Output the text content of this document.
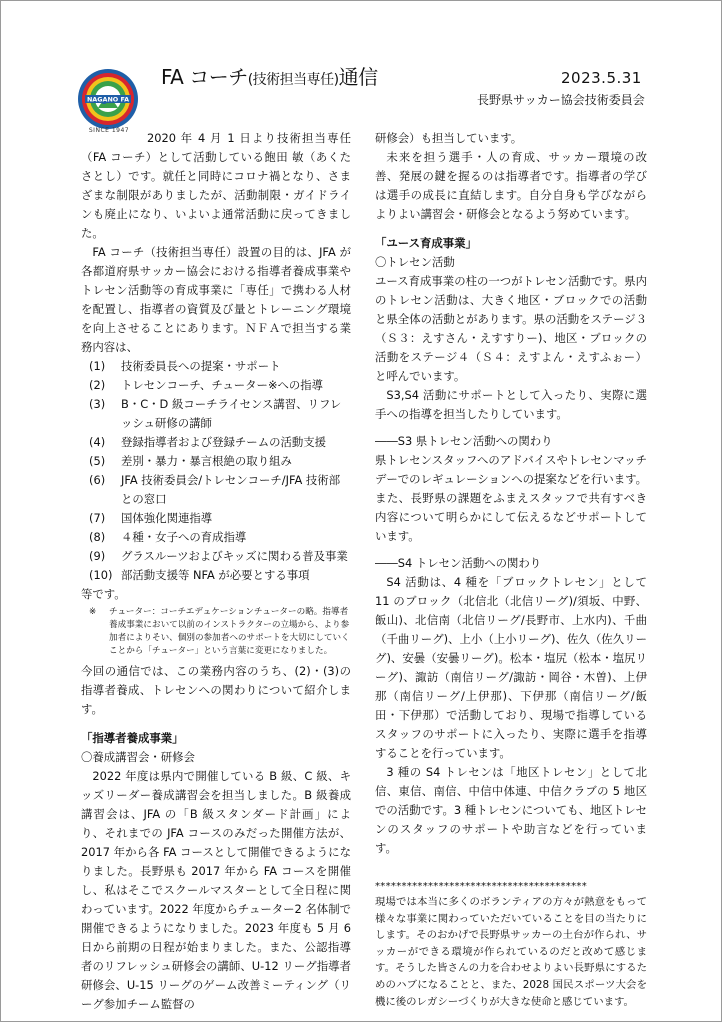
NAGANO FA
SINCE 1947
FA コーチ(技術担当専任)通信	2023.5.31
長野県サッカー協会技術委員会

2020 年 4 月 1 日より技術担当専任（FA コーチ）として活動している飽田 敏（あくた さとし）です。就任と同時にコロナ禍となり、さまざまな制限がありましたが、活動制限・ガイドラインも廃止になり、いよいよ通常活動に戻ってきました。

FA コーチ（技術担当専任）設置の目的は、JFA が各都道府県サッカー協会における指導者養成事業やトレセン活動等の育成事業に「専任」で携わる人材を配置し、指導者の資質及び量とトレーニング環境を向上させることにあります。ＮＦＡで担当する業務内容は、

(1)	技術委員長への提案・サポート
(2)	トレセンコーチ、チューター※への指導
(3)	B・C・D 級コーチライセンス講習、リフレッシュ研修の講師
(4)	登録指導者および登録チームの活動支援
(5)	差別・暴力・暴言根絶の取り組み
(6)	JFA 技術委員会/トレセンコーチ/JFA 技術部との窓口
(7)	国体強化関連指導
(8)	４種・女子への育成指導
(9)	グラスルーツおよびキッズに関わる普及事業
(10) 部活動支援等 NFA が必要とする事項

等です。

※	チューター：コーチエデュケーションチューターの略。指導者養成事業において以前のインストラクターの立場から、より参加者によりそい、個別の参加者へのサポートを大切にしていくことから「チューター」という言葉に変更になりました。

今回の通信では、この業務内容のうち、(2)・(3)の指導者養成、トレセンへの関わりについて紹介します。

「指導者養成事業」

〇養成講習会・研修会

2022 年度は県内で開催している B 級、C 級、キッズリーダー養成講習会を担当しました。B 級養成講習会は、JFA の「B 級スタンダード計画」により、それまでの JFA コースのみだった開催方法が、2017 年から各 FA コースとして開催できるようになりました。長野県も 2017 年から FA コースを開催し、私はそこでスクールマスターとして全日程に関わっています。2022 年度からチューター2 名体制で開催できるようになりました。2023 年度も 5 月 6 日から前期の日程が始まりました。また、公認指導者のリフレッシュ研修会の講師、U-12 リーグ指導者研修会、U-15 リーグのゲーム改善ミーティング（リーグ参加チーム監督の

研修会）も担当しています。

未来を担う選手・人の育成、サッカー環境の改善、発展の鍵を握るのは指導者です。指導者の学びは選手の成長に直結します。自分自身も学びながらよりよい講習会・研修会となるよう努めています。

「ユース育成事業」

〇トレセン活動

ユース育成事業の柱の一つがトレセン活動です。県内のトレセン活動は、大きく地区・ブロックでの活動と県全体の活動とがあります。県の活動をステージ３（Ｓ３：えすさん・えすすりー)、地区・ブロックの活動をステージ４（Ｓ４：えすよん・えすふぉー）と呼んでいます。

S3,S4 活動にサポートとして入ったり、実際に選手への指導を担当したりしています。

――S3 県トレセン活動への関わり

県トレセンスタッフへのアドバイスやトレセンマッチデーでのレギュレーションへの提案などを行います。また、長野県の課題をふまえスタッフで共有すべき内容について明らかにして伝えるなどサポートしています。

――S4 トレセン活動への関わり

S4 活動は、4 種を「ブロックトレセン」として 11 のブロック（北信北（北信リーグ)/須坂、中野、飯山)、北信南（北信リーグ/長野市、上水内)、千曲（千曲リーグ)、上小（上小リーグ)、佐久（佐久リーグ)、安曇（安曇リーグ)。松本・塩尻（松本・塩尻リーグ)、諏訪（南信リーグ/諏訪・岡谷・木曽)、上伊那（南信リーグ/上伊那)、下伊那（南信リーグ/飯田・下伊那）で活動しており、現場で指導しているスタッフのサポートに入ったり、実際に選手を指導することを行っています。

3 種の S4 トレセンは「地区トレセン」として北信、東信、南信、中信中体連、中信クラブの 5 地区での活動です。3 種トレセンについても、地区トレセンのスタッフのサポートや助言などを行っています。

****************************************

現場では本当に多くのボランティアの方々が熱意をもって様々な事業に関わっていただいていることを目の当たりにします。そのおかげで長野県サッカーの土台が作られ、サッカーができる環境が作られているのだと改めて感じます。そうした皆さんの力を合わせよりよい長野県にするためのハブになることと、また、2028 国民スポーツ大会を機に後のレガシーづくりが大きな使命と感じています。
